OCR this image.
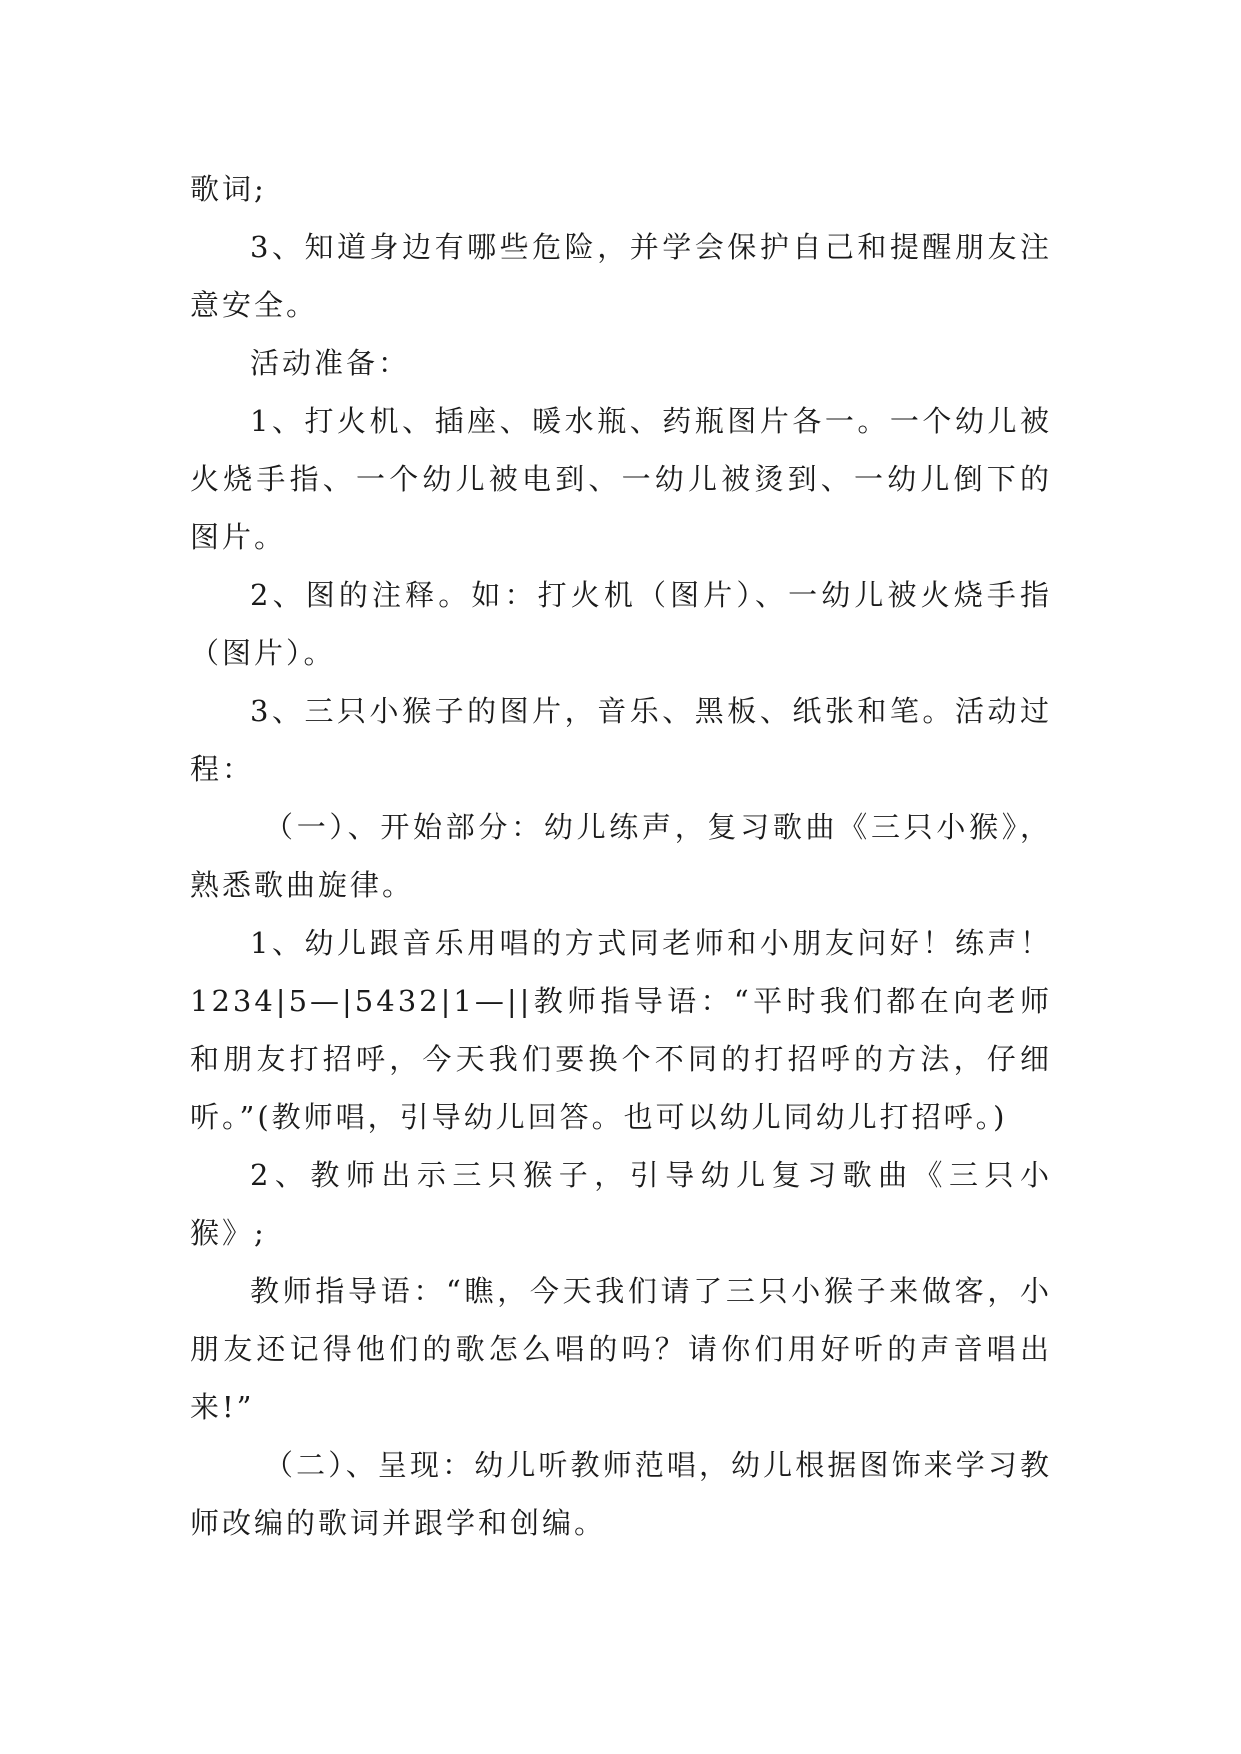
歌词;

3、知道身边有哪些危险，并学会保护自己和提醒朋友注意安全。

活动准备：

1、打火机、插座、暖水瓶、药瓶图片各一。一个幼儿被火烧手指、一个幼儿被电到、一幼儿被烫到、一幼儿倒下的图片。

2、图的注释。如：打火机（图片）、一幼儿被火烧手指（图片）。

3、三只小猴子的图片，音乐、黑板、纸张和笔。活动过程：

（一）、开始部分：幼儿练声，复习歌曲《三只小猴》，熟悉歌曲旋律。

1、幼儿跟音乐用唱的方式同老师和小朋友问好！练声！1234|5—|5432|1—||教师指导语：“平时我们都在向老师和朋友打招呼，今天我们要换个不同的打招呼的方法，仔细听。”(教师唱，引导幼儿回答。也可以幼儿同幼儿打招呼。)

2、教师出示三只猴子，引导幼儿复习歌曲《三只小猴》;

教师指导语：“瞧，今天我们请了三只小猴子来做客，小朋友还记得他们的歌怎么唱的吗？请你们用好听的声音唱出来!”

（二）、呈现：幼儿听教师范唱，幼儿根据图饰来学习教师改编的歌词并跟学和创编。
